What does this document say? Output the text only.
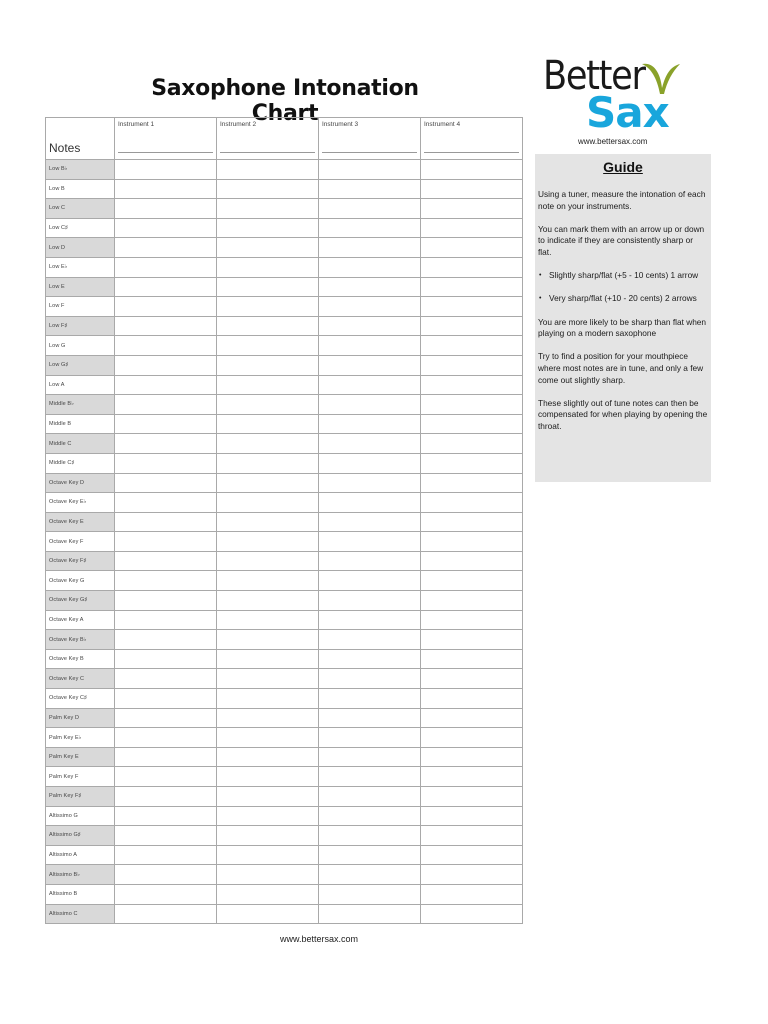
Saxophone Intonation Chart
Notes	Instrument 1	Instrument 2	Instrument 3	Instrument 4

Low B♭				
Low B				
Low C				
Low C♯				
Low D				
Low E♭				
Low E				
Low F				
Low F♯				
Low G				
Low G♯				
Low A				
Middle B♭				
Middle B				
Middle C				
Middle C♯				
Octave Key D				
Octave Key E♭				
Octave Key E				
Octave Key F				
Octave Key F♯				
Octave Key G				
Octave Key G♯				
Octave Key A				
Octave Key B♭				
Octave Key B				
Octave Key C				
Octave Key C♯				
Palm Key D				
Palm Key E♭				
Palm Key E				
Palm Key F				
Palm Key F♯				
Altissimo G				
Altissimo G♯				
Altissimo A				
Altissimo B♭				
Altissimo B				
Altissimo C				
Better
Sax
www.bettersax.com
Guide

Using a tuner, measure the intonation of each note on your instruments.

You can mark them with an arrow up or down to indicate if they are consistently sharp or flat.

• Slightly sharp/flat (+5 - 10 cents) 1 arrow

• Very sharp/flat (+10 - 20 cents) 2 arrows

You are more likely to be sharp than flat when playing on a modern saxophone

Try to find a position for your mouthpiece where most notes are in tune, and only a few come out slightly sharp.

These slightly out of tune notes can then be compensated for when playing by opening the throat.

www.bettersax.com
